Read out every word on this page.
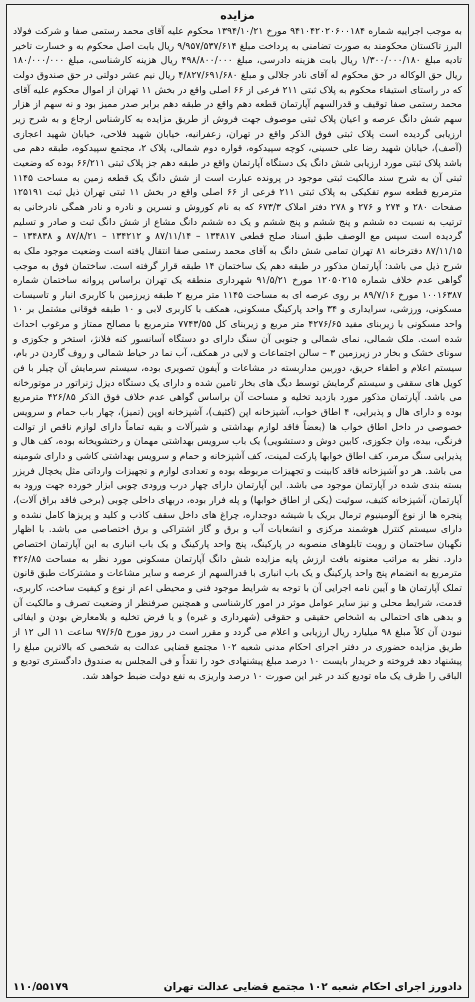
مزایده

به موجب اجراییه شماره ۹۴۱۰۴۲۰۲۰۶۰۰۱۸۴ مورخ ۱۳۹۴/۱۰/۲۱ محکوم علیه آقای محمد رستمی صفا و شرکت فولاد البرز تاکستان محکومند به صورت تضامنی به پرداخت مبلغ ۹/۹۵۷/۵۳۷/۶۱۴ ریال بابت اصل محکوم به و خسارت تاخیر تادیه مبلغ ۱/۳۰۰/۰۰۰/۱۸۰ ریال بابت هزینه دادرسی، مبلغ ۴۹۸/۸۰۰/۰۰۰ ریال هزینه کارشناسی، مبلغ ۱۸۰/۰۰۰/۰۰۰ ریال حق الوکاله در حق محکوم له آقای نادر جلالی و مبلغ ۴/۸۲۷/۶۹۱/۶۸۰ ریال نیم عشر دولتی در حق صندوق دولت که در راستای استیفاء محکوم به پلاک ثبتی ۲۱۱ فرعی از ۶۶ اصلی واقع در بخش ۱۱ تهران از اموال محکوم علیه آقای محمد رستمی صفا توقیف و قدرالسهم آپارتمان قطعه دهم واقع در طبقه دهم برابر صدر ممیز بود و نه سهم از هزار سهم شش دانگ عرصه و اعیان پلاک ثبتی موصوف جهت فروش از طریق مزایده به کارشناس ارجاع و به شرح زیر ارزیابی گردیده است پلاک ثبتی فوق الذکر واقع در تهران، زعفرانیه، خیابان شهید فلاحی، خیابان شهید اعجازی (آصف)، خیابان شهید رضا علی حسینی، کوچه سپیدکوه، قواره دوم شمالی، پلاک ۲، مجتمع سپیدکوه، طبقه دهم می باشد پلاک ثبتی مورد ارزیابی شش دانگ یک دستگاه آپارتمان واقع در طبقه دهم جز پلاک ثبتی ۶۶/۲۱۱ بوده که وضعیت ثبتی آن به شرح سند مالکیت ثبتی موجود در پرونده عبارت است از شش دانگ یک قطعه زمین به مساحت ۱۱۴۵ مترمربع قطعه سوم تفکیکی به پلاک ثبتی ۲۱۱ فرعی از ۶۶ اصلی واقع در بخش ۱۱ ثبتی تهران ذیل ثبت ۱۲۵۱۹۱ صفحات ۲۸۰ و ۲۷۴ و ۲۷۶ و ۲۷۸ دفتر املاک ۶۷۳/۳ که به نام کوروش و نسرین و نادره و نادر همگی نادرخانی به ترتیب به نسبت ده ششم و پنج ششم و پنج ششم و یک ده ششم دانگ مشاع از شش دانگ ثبت و صادر و تسلیم گردیده است سپس مع الوصف طبق اسناد صلح قطعی ۱۳۴۸۱۷ – ۸۷/۱۱/۱۴ و ۱۳۴۲۱۲ – ۸۷/۸/۲۱ و ۱۳۴۸۳۸ – ۸۷/۱۱/۱۵ دفترخانه ۸۱ تهران تمامی شش دانگ به آقای محمد رستمی صفا انتقال یافته است وضعیت موجود ملک به شرح ذیل می باشد: آپارتمان مذکور در طبقه دهم یک ساختمان ۱۴ طبقه قرار گرفته است. ساختمان فوق به موجب گواهی عدم خلاف شماره ۱۲۰۵۰۲۱۵ مورخ ۹۱/۵/۲۱ شهرداری منطقه یک تهران براساس پروانه ساختمان شماره ۱۰۰۱۶۳۸۷ مورخ ۸۹/۷/۱۶ بر روی عرصه ای به مساحت ۱۱۴۵ متر مربع ۲ طبقه زیرزمین با کاربری انبار و تاسیسات مسکونی، ورزشی، سرایداری و ۳۴ واحد پارکینگ مسکونی، همکف با کاربری لابی و ۱۰ طبقه فوقانی مشتمل بر ۱۰ واحد مسکونی با زیربنای مفید ۴۲۷۶/۶۵ متر مربع و زیربنای کل ۷۷۴۳/۵۵ مترمربع با مصالح ممتاز و مرغوب احداث شده است. ملک شمالی، نمای شمالی و جنوبی آن سنگ دارای دو دستگاه آسانسور کنه فلانژ، استخر و جکوزی و سونای خشک و بخار در زیرزمین ۳ – سالن اجتماعات و لابی در همکف، آب نما در حیاط شمالی و روف گاردن در بام، سیستم اعلام و اطفاء حریق، دوربین مداربسته در مشاعات و آیفون تصویری بوده، سیستم سرمایش آن چیلر با فن کویل های سقفی و سیستم گرمایش توسط دیگ های بخار تامین شده و دارای یک دستگاه دیزل ژنراتور در موتورخانه می باشد. آپارتمان مذکور مورد بازدید تخلیه و مساحت آن براساس گواهی عدم خلاف فوق الذکر ۴۲۶/۸۵ مترمربع بوده و دارای هال و پذیرایی، ۴ اطاق خواب، آشپزخانه اپن (کثیف)، آشپزخانه اوپن (تمیز)، چهار باب حمام و سرویس خصوصی در داخل اطاق خواب ها (بعضاً فاقد لوازم بهداشتی و شیرآلات و بقیه تماماً دارای لوازم ناقص از توالت فرنگی، بیده، وان جکوزی، کابین دوش و دستشویی) یک باب سرویس بهداشتی مهمان و رختشویخانه بوده، کف هال و پذیرایی سنگ مرمر، کف اطاق خوابها پارکت لمینت، کف آشپزخانه و حمام و سرویس بهداشتی کاشی و دارای شومینه می باشد. هر دو آشپزخانه فاقد کابینت و تجهیزات مربوطه بوده و تعدادی لوازم و تجهیزات وارداتی مثل یخچال فریزر بسته بندی شده در آپارتمان موجود می باشد. این آپارتمان دارای چهار درب ورودی چوبی ابزار خورده جهت ورود به آپارتمان، آشپزخانه کثیف، سوئیت (یکی از اطاق خوابها) و پله فرار بوده، دربهای داخلی چوبی (برخی فاقد براق آلات)، پنجره ها از نوع آلومینیوم ترمال بریک با شیشه دوجداره، چراغ های داخل سقف کاذب و کلید و پریزها کامل نشده و دارای سیستم کنترل هوشمند مرکزی و انشعابات آب و برق و گاز اشتراکی و برق اختصاصی می باشد. با اظهار نگهبان ساختمان و رویت تابلوهای منصوبه در پارکینگ، پنج واحد پارکینگ و یک باب انباری به این آپارتمان اختصاص دارد. نظر به مراتب معنونه بافت ارزش پایه مزایده شش دانگ آپارتمان مسکونی مورد نظر به مساحت ۴۲۶/۸۵ مترمربع به انضمام پنج واحد پارکینگ و یک باب انباری با قدرالسهم از عرصه و سایر مشاعات و مشترکات طبق قانون تملک آپارتمان ها و آیین نامه اجرایی آن با توجه به شرایط موجود فنی و محیطی اعم از نوع و کیفیت ساخت، کاربری، قدمت، شرایط محلی و نیز سایر عوامل موثر در امور کارشناسی و همچنین صرفنظر از وضعیت تصرف و مالکیت آن و بدهی های احتمالی به اشخاص حقیقی و حقوقی (شهرداری و غیره) و یا فرض تخلیه و بلامعارض بودن و ایفائی نبودن آن کلاً مبلغ ۹۸ میلیارد ریال ارزیابی و اعلام می گردد و مقرر است در روز مورخ ۹۷/۶/۵ ساعت ۱۱ الی ۱۲ از طریق مزایده حضوری در دفتر اجرای احکام مدنی شعبه ۱۰۲ مجتمع قضایی عدالت به شخصی که بالاترین مبلغ را پیشنهاد دهد فروخته و خریدار بایست ۱۰ درصد مبلغ پیشنهادی خود را نقداً و فی المجلس به صندوق دادگستری تودیع و الباقی را ظرف یک ماه تودیع کند در غیر این صورت ۱۰ درصد واریزی به نفع دولت ضبط خواهد شد.

دادورز اجرای احکام شعبه ۱۰۲ مجتمع قضایی عدالت تهران
۱۱۰/۵۵۱۷۹
